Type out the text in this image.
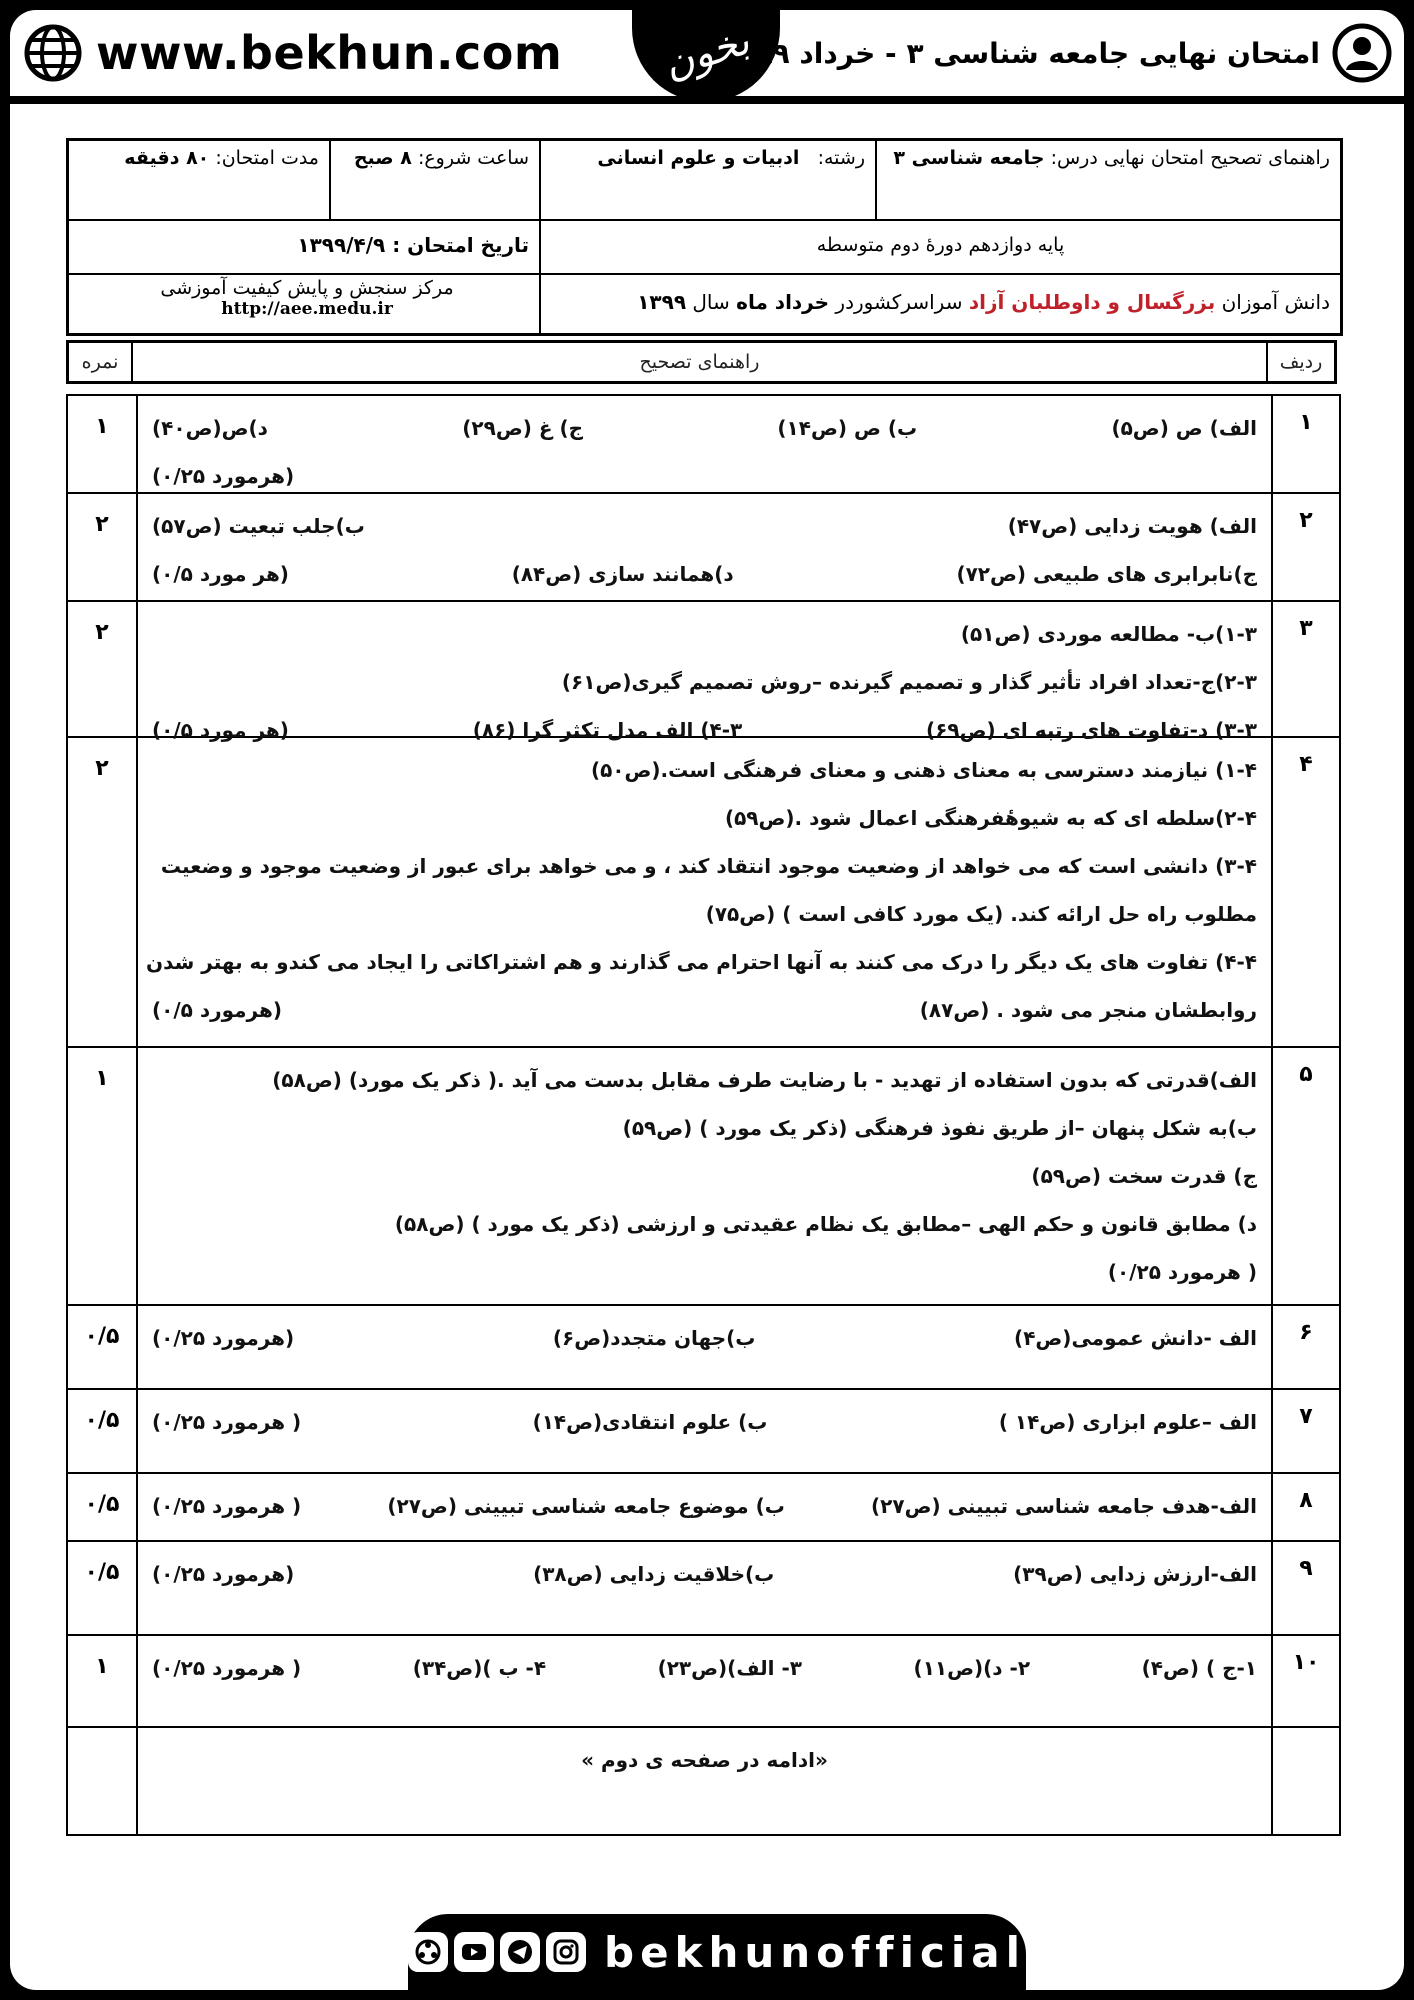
www.bekhun.com بخون امتحان نهایی جامعه شناسی ۳ - خرداد ۹۹
راهنمای تصحیح امتحان نهایی درس: جامعه شناسی ۳
رشته:   ادبیات و علوم انسانی
ساعت شروع: ۸ صبح
مدت امتحان: ۸۰ دقیقه
پایه دوازدهم دورهٔ دوم متوسطه
تاریخ امتحان : ۱۳۹۹/۴/۹
دانش آموزان بزرگسال و داوطلبان آزاد سراسرکشوردر خرداد ماه سال ۱۳۹۹
مرکز سنجش و پایش کیفیت آموزشی
http://aee.medu.ir
ردیف
راهنمای تصحیح
نمره
۱
الف) ص (ص۵)
ب) ص (ص۱۴)
ج) غ (ص۲۹)
د)ص(ص۴۰)
(هرمورد ۰/۲۵)
۱
۲
الف) هویت زدایی (ص۴۷)
ب)جلب تبعیت (ص۵۷)
ج)نابرابری های طبیعی (ص۷۲)
د)همانند سازی (ص۸۴)
(هر مورد ۰/۵)
۲
۳
۱-۳)ب- مطالعه موردی (ص۵۱)
۲-۳)ج-تعداد افراد تأثیر گذار و تصمیم گیرنده –روش تصمیم گیری(ص۶۱)
۳-۳) د-تفاوت های رتبه ای (ص۶۹)
۴-۳) الف مدل تکثر گرا (۸۶)
(هر مورد ۰/۵)
۲
۴
۱-۴) نیازمند دسترسی به معنای ذهنی و معنای فرهنگی است.(ص۵۰)
۲-۴)سلطه ای که به شیوهٔفرهنگی اعمال شود .(ص۵۹)
۳-۴) دانشی است که می خواهد از وضعیت موجود انتقاد کند ، و می خواهد برای عبور از وضعیت موجود و وضعیت
مطلوب راه حل ارائه کند. (یک مورد کافی است ) (ص۷۵)
۴-۴) تفاوت های یک دیگر را درک می کنند به آنها احترام می گذارند و هم اشتراکاتی را ایجاد می کندو به بهتر شدن
روابطشان منجر می شود . (ص۸۷)
(هرمورد ۰/۵)
۲
۵
الف)قدرتی که بدون استفاده از تهدید - با رضایت طرف مقابل بدست می آید .( ذکر یک مورد) (ص۵۸)
ب)به شکل پنهان –از طریق نفوذ فرهنگی (ذکر یک مورد ) (ص۵۹)
ج) قدرت سخت (ص۵۹)
د) مطابق قانون و حکم الهی –مطابق یک نظام عقیدتی و ارزشی (ذکر یک مورد ) (ص۵۸)
( هرمورد ۰/۲۵)
۱
۶
الف -دانش عمومی(ص۴)
ب)جهان متجدد(ص۶)
(هرمورد ۰/۲۵)
۰/۵
۷
الف –علوم ابزاری (ص۱۴ )
ب) علوم انتقادی(ص۱۴)
( هرمورد ۰/۲۵)
۰/۵
۸
الف-هدف جامعه شناسی تبیینی (ص۲۷)
ب) موضوع جامعه شناسی تبیینی (ص۲۷)
( هرمورد ۰/۲۵)
۰/۵
۹
الف-ارزش زدایی (ص۳۹)
ب)خلاقیت زدایی (ص۳۸)
(هرمورد ۰/۲۵)
۰/۵
۱۰
۱-ج ) (ص۴)
۲- د)(ص۱۱)
۳- الف)(ص۲۳)
۴- ب )(ص۳۴)
( هرمورد ۰/۲۵)
۱
«ادامه در صفحه ی دوم »
bekhunofficial
